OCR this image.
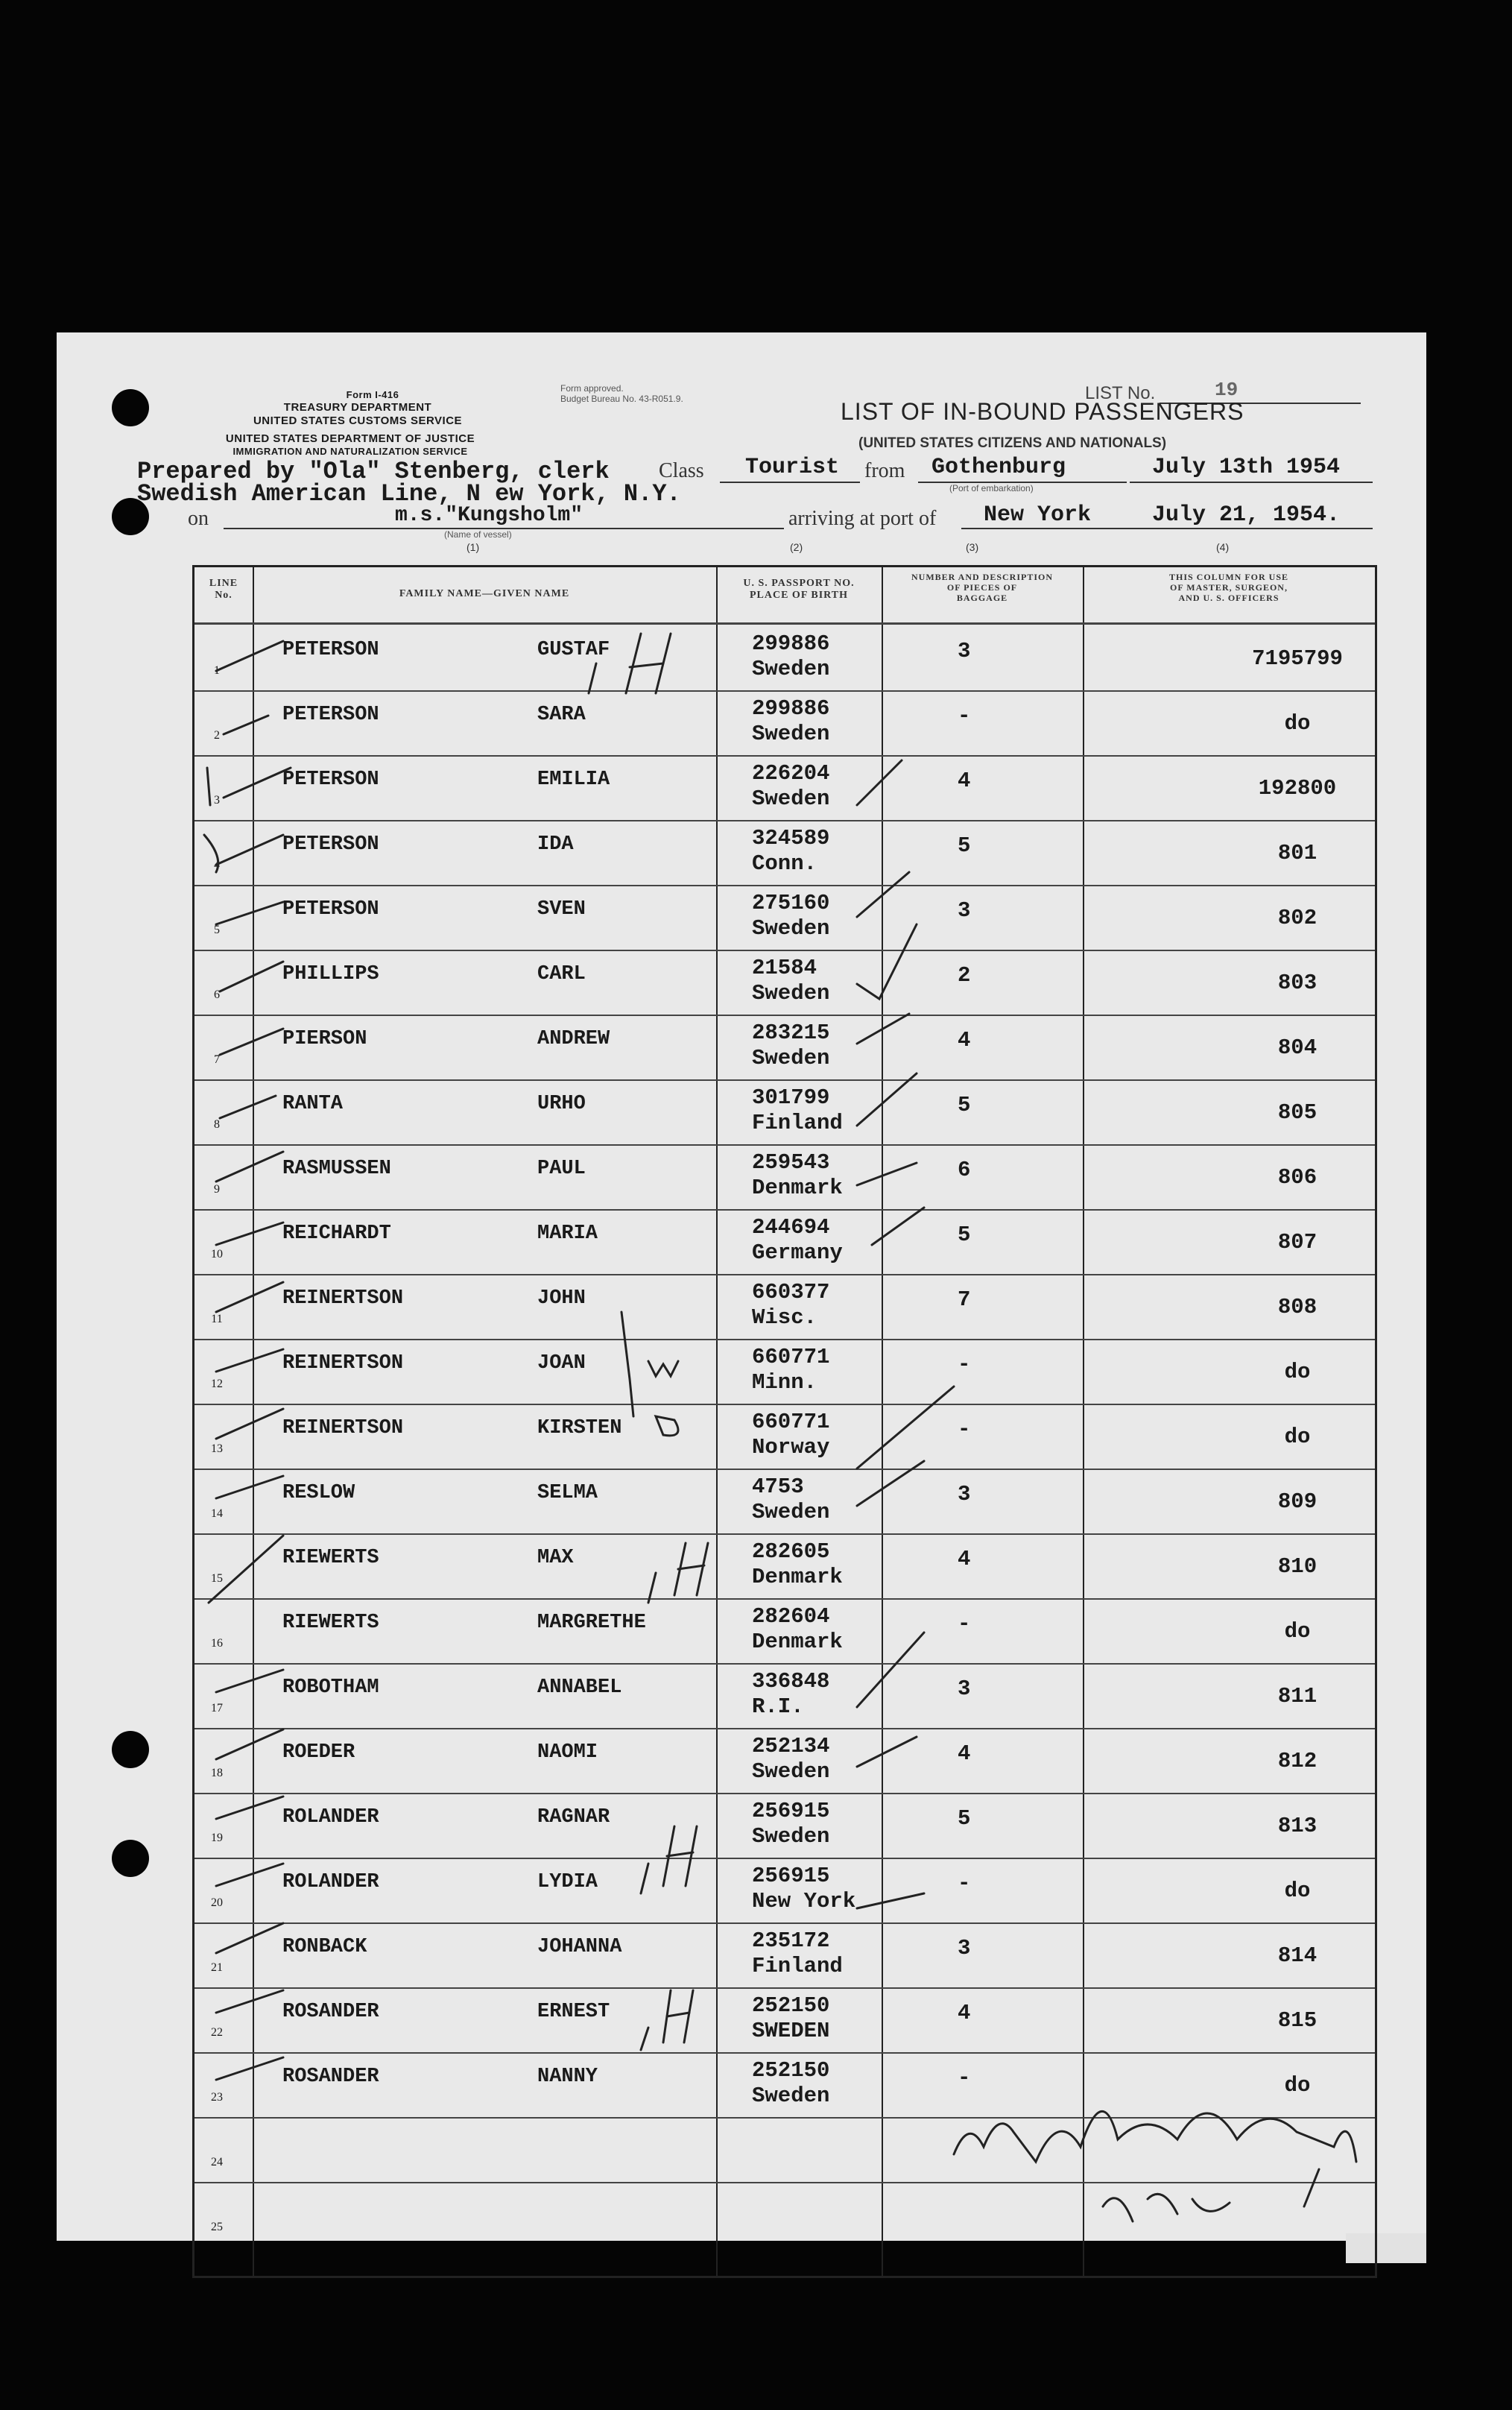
Form I-416
TREASURY DEPARTMENT
UNITED STATES CUSTOMS SERVICE
UNITED STATES DEPARTMENT OF JUSTICE
IMMIGRATION AND NATURALIZATION SERVICE
Form approved.
Budget Bureau No. 43-R051.9.	LIST No.	19
LIST OF IN-BOUND PASSENGERS
(UNITED STATES CITIZENS AND NATIONALS)
Prepared by "Ola" Stenberg, clerk
Swedish American Line, N ew York, N.Y.
Class Tourist from Gothenburg
(Port of embarkation)
July 13th 1954
on	m.s."Kungsholm"
(Name of vessel)
arriving at port of New York	July 21, 1954.
(1)	(2)	(3)	(4)
LINE
No.	FAMILY NAME—GIVEN NAME
U. S. PASSPORT NO.
PLACE OF BIRTH
NUMBER AND DESCRIPTION
OF PIECES OF
BAGGAGE
THIS COLUMN FOR USE
OF MASTER, SURGEON,
AND U. S. OFFICERS
1
PETERSON	GUSTAF	299886
Sweden
3	7195799
2
PETERSON	SARA	299886
Sweden
-	do
3
PETERSON	EMILIA	226204
Sweden
4	192800
4
PETERSON	IDA	324589
Conn.
5	801
5
PETERSON	SVEN	275160
Sweden
3	802
6
PHILLIPS	CARL	21584
Sweden
2	803
7
PIERSON	ANDREW	283215
Sweden
4	804
8
RANTA	URHO	301799
Finland
5	805
9
RASMUSSEN	PAUL	259543
Denmark
6	806
10
REICHARDT	MARIA	244694
Germany
5	807
11
REINERTSON	JOHN	660377
Wisc.
7	808
12
REINERTSON	JOAN	660771
Minn.
-	do
13
REINERTSON	KIRSTEN	660771
Norway
-	do
14
RESLOW	SELMA	4753
Sweden
3	809
15
RIEWERTS	MAX	282605
Denmark
4	810
16
RIEWERTS	MARGRETHE	282604
Denmark
-	do
17
ROBOTHAM	ANNABEL	336848
R.I.
3	811
18
ROEDER	NAOMI	252134
Sweden
4	812
19
ROLANDER	RAGNAR	256915
Sweden
5	813
20
ROLANDER	LYDIA	256915
New York
-	do
21
RONBACK	JOHANNA	235172
Finland
3	814
22
ROSANDER	ERNEST	252150
SWEDEN
4	815
23
ROSANDER	NANNY	252150
Sweden
-	do
24
25
